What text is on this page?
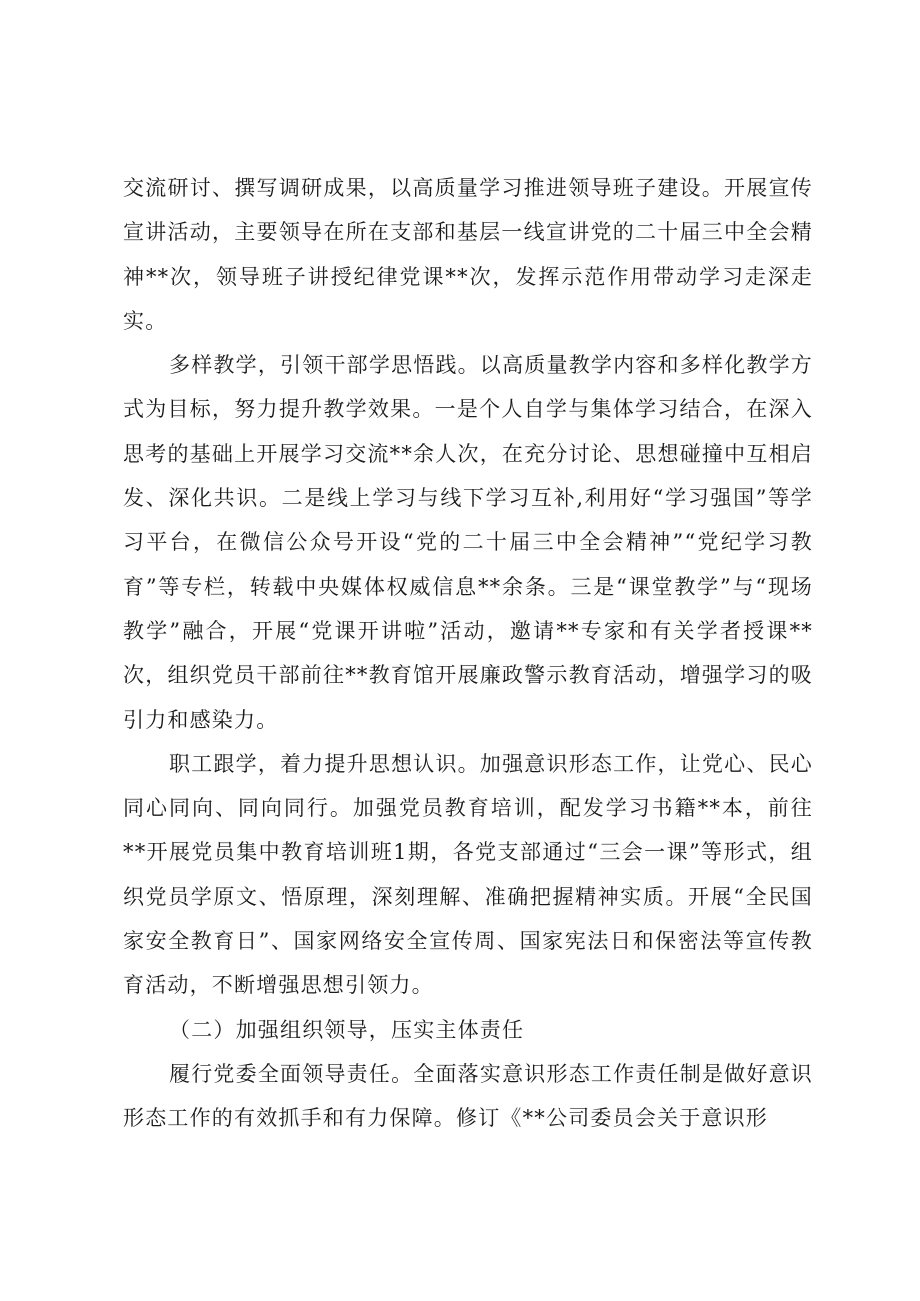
交流研讨、撰写调研成果，以高质量学习推进领导班子建设。开展宣传宣讲活动，主要领导在所在支部和基层一线宣讲党的二十届三中全会精神**次，领导班子讲授纪律党课**次，发挥示范作用带动学习走深走实。

多样教学，引领干部学思悟践。以高质量教学内容和多样化教学方式为目标，努力提升教学效果。一是个人自学与集体学习结合，在深入思考的基础上开展学习交流**余人次，在充分讨论、思想碰撞中互相启发、深化共识。二是线上学习与线下学习互补,利用好“学习强国”等学习平台，在微信公众号开设“党的二十届三中全会精神”“党纪学习教育”等专栏，转载中央媒体权威信息**余条。三是“课堂教学”与“现场教学”融合，开展“党课开讲啦”活动，邀请**专家和有关学者授课**次，组织党员干部前往**教育馆开展廉政警示教育活动，增强学习的吸引力和感染力。

职工跟学，着力提升思想认识。加强意识形态工作，让党心、民心同心同向、同向同行。加强党员教育培训，配发学习书籍**本，前往**开展党员集中教育培训班1期，各党支部通过“三会一课”等形式，组织党员学原文、悟原理，深刻理解、准确把握精神实质。开展“全民国家安全教育日”、国家网络安全宣传周、国家宪法日和保密法等宣传教育活动，不断增强思想引领力。

（二）加强组织领导，压实主体责任

履行党委全面领导责任。全面落实意识形态工作责任制是做好意识形态工作的有效抓手和有力保障。修订《**公司委员会关于意识形
